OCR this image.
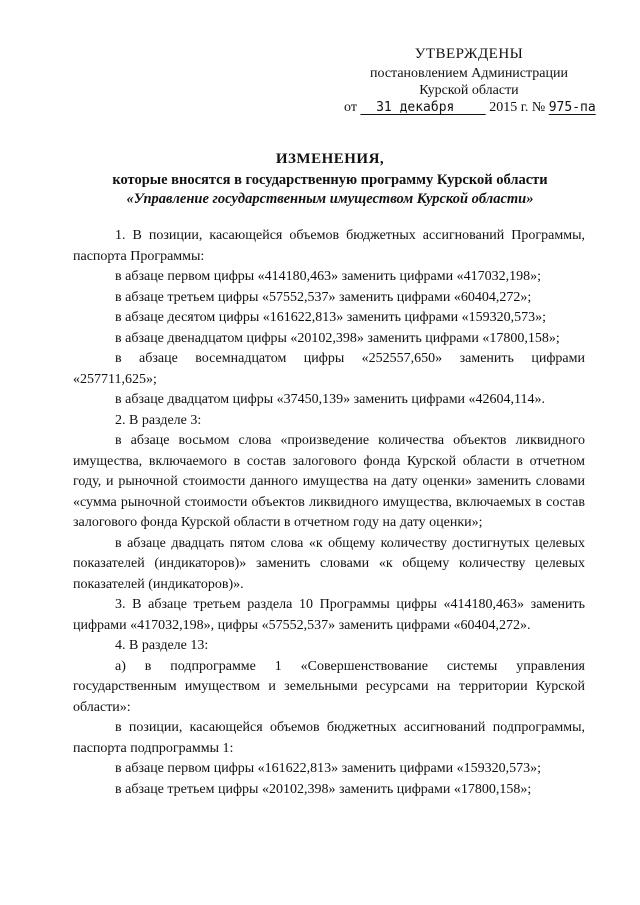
УТВЕРЖДЕНЫ
постановлением Администрации
Курской области
от 31 декабря 2015 г. № 975-па
ИЗМЕНЕНИЯ,
которые вносятся в государственную программу Курской области
«Управление государственным имуществом Курской области»

1. В позиции, касающейся объемов бюджетных ассигнований Программы, паспорта Программы:

в абзаце первом цифры «414180,463» заменить цифрами «417032,198»;

в абзаце третьем цифры «57552,537» заменить цифрами «60404,272»;

в абзаце десятом цифры «161622,813» заменить цифрами «159320,573»;

в абзаце двенадцатом цифры «20102,398» заменить цифрами «17800,158»;

в абзаце восемнадцатом цифры «252557,650» заменить цифрами «257711,625»;

в абзаце двадцатом цифры «37450,139» заменить цифрами «42604,114».

2. В разделе 3:

в абзаце восьмом слова «произведение количества объектов ликвидного имущества, включаемого в состав залогового фонда Курской области в отчетном году, и рыночной стоимости данного имущества на дату оценки» заменить словами «сумма рыночной стоимости объектов ликвидного имущества, включаемых в состав залогового фонда Курской области в отчетном году на дату оценки»;

в абзаце двадцать пятом слова «к общему количеству достигнутых целевых показателей (индикаторов)» заменить словами «к общему количеству целевых показателей (индикаторов)».

3. В абзаце третьем раздела 10 Программы цифры «414180,463» заменить цифрами «417032,198», цифры «57552,537» заменить цифрами «60404,272».

4. В разделе 13:

а) в подпрограмме 1 «Совершенствование системы управления государственным имуществом и земельными ресурсами на территории Курской области»:

в позиции, касающейся объемов бюджетных ассигнований подпрограммы, паспорта подпрограммы 1:

в абзаце первом цифры «161622,813» заменить цифрами «159320,573»;

в абзаце третьем цифры «20102,398» заменить цифрами «17800,158»;
